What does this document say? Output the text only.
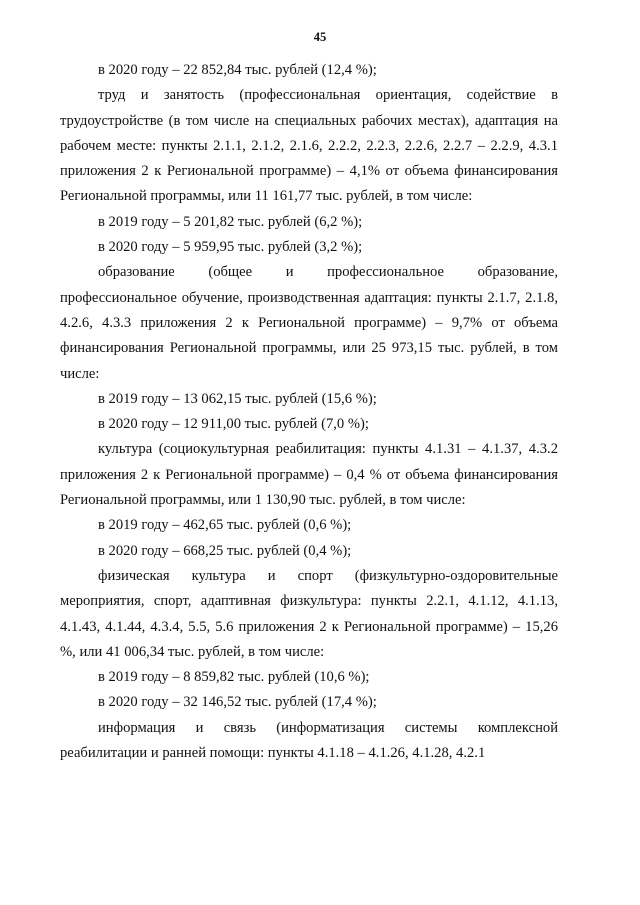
45

в 2020 году – 22 852,84 тыс. рублей (12,4 %);

труд и занятость (профессиональная ориентация, содействие в трудоустройстве (в том числе на специальных рабочих местах), адаптация на рабочем месте: пункты 2.1.1, 2.1.2, 2.1.6, 2.2.2, 2.2.3, 2.2.6, 2.2.7 – 2.2.9, 4.3.1 приложения 2 к Региональной программе) – 4,1% от объема финансирования Региональной программы, или 11 161,77 тыс. рублей, в том числе:

в 2019 году – 5 201,82 тыс. рублей (6,2 %);

в 2020 году – 5 959,95 тыс. рублей (3,2 %);

образование (общее и профессиональное образование, профессиональное обучение, производственная адаптация: пункты 2.1.7, 2.1.8, 4.2.6, 4.3.3 приложения 2 к Региональной программе) – 9,7% от объема финансирования Региональной программы, или 25 973,15 тыс. рублей, в том числе:

в 2019 году – 13 062,15 тыс. рублей (15,6 %);

в 2020 году – 12 911,00 тыс. рублей (7,0 %);

культура (социокультурная реабилитация: пункты 4.1.31 – 4.1.37, 4.3.2 приложения 2 к Региональной программе) – 0,4 % от объема финансирования Региональной программы, или 1 130,90 тыс. рублей, в том числе:

в 2019 году – 462,65 тыс. рублей (0,6 %);

в 2020 году – 668,25 тыс. рублей (0,4 %);

физическая культура и спорт (физкультурно-оздоровительные мероприятия, спорт, адаптивная физкультура: пункты 2.2.1, 4.1.12, 4.1.13, 4.1.43, 4.1.44, 4.3.4, 5.5, 5.6 приложения 2 к Региональной программе) – 15,26 %, или 41 006,34 тыс. рублей, в том числе:

в 2019 году – 8 859,82 тыс. рублей (10,6 %);

в 2020 году – 32 146,52 тыс. рублей (17,4 %);

информация и связь (информатизация системы комплексной реабилитации и ранней помощи: пункты 4.1.18 – 4.1.26, 4.1.28, 4.2.1
